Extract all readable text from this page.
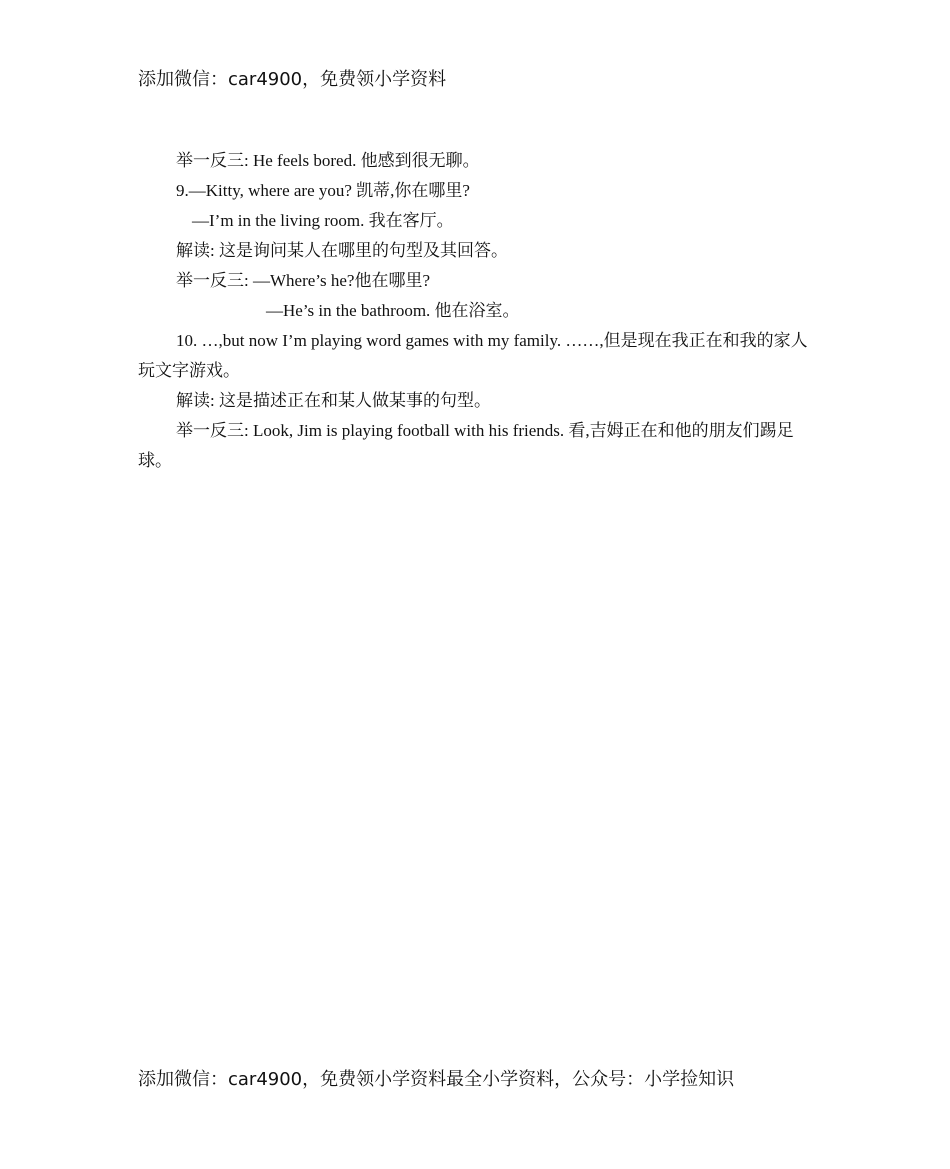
添加微信：car4900，免费领小学资料

举一反三: He feels bored. 他感到很无聊。

9.—Kitty, where are you? 凯蒂,你在哪里?

—I’m in the living room. 我在客厅。

解读: 这是询问某人在哪里的句型及其回答。

举一反三: —Where’s he?他在哪里?

—He’s in the bathroom. 他在浴室。

10. …,but now I’m playing word games with my family. ……,但是现在我正在和我的家人玩文字游戏。

解读: 这是描述正在和某人做某事的句型。

举一反三: Look, Jim is playing football with his friends. 看,吉姆正在和他的朋友们踢足球。

添加微信：car4900，免费领小学资料最全小学资料，公众号：小学捡知识
